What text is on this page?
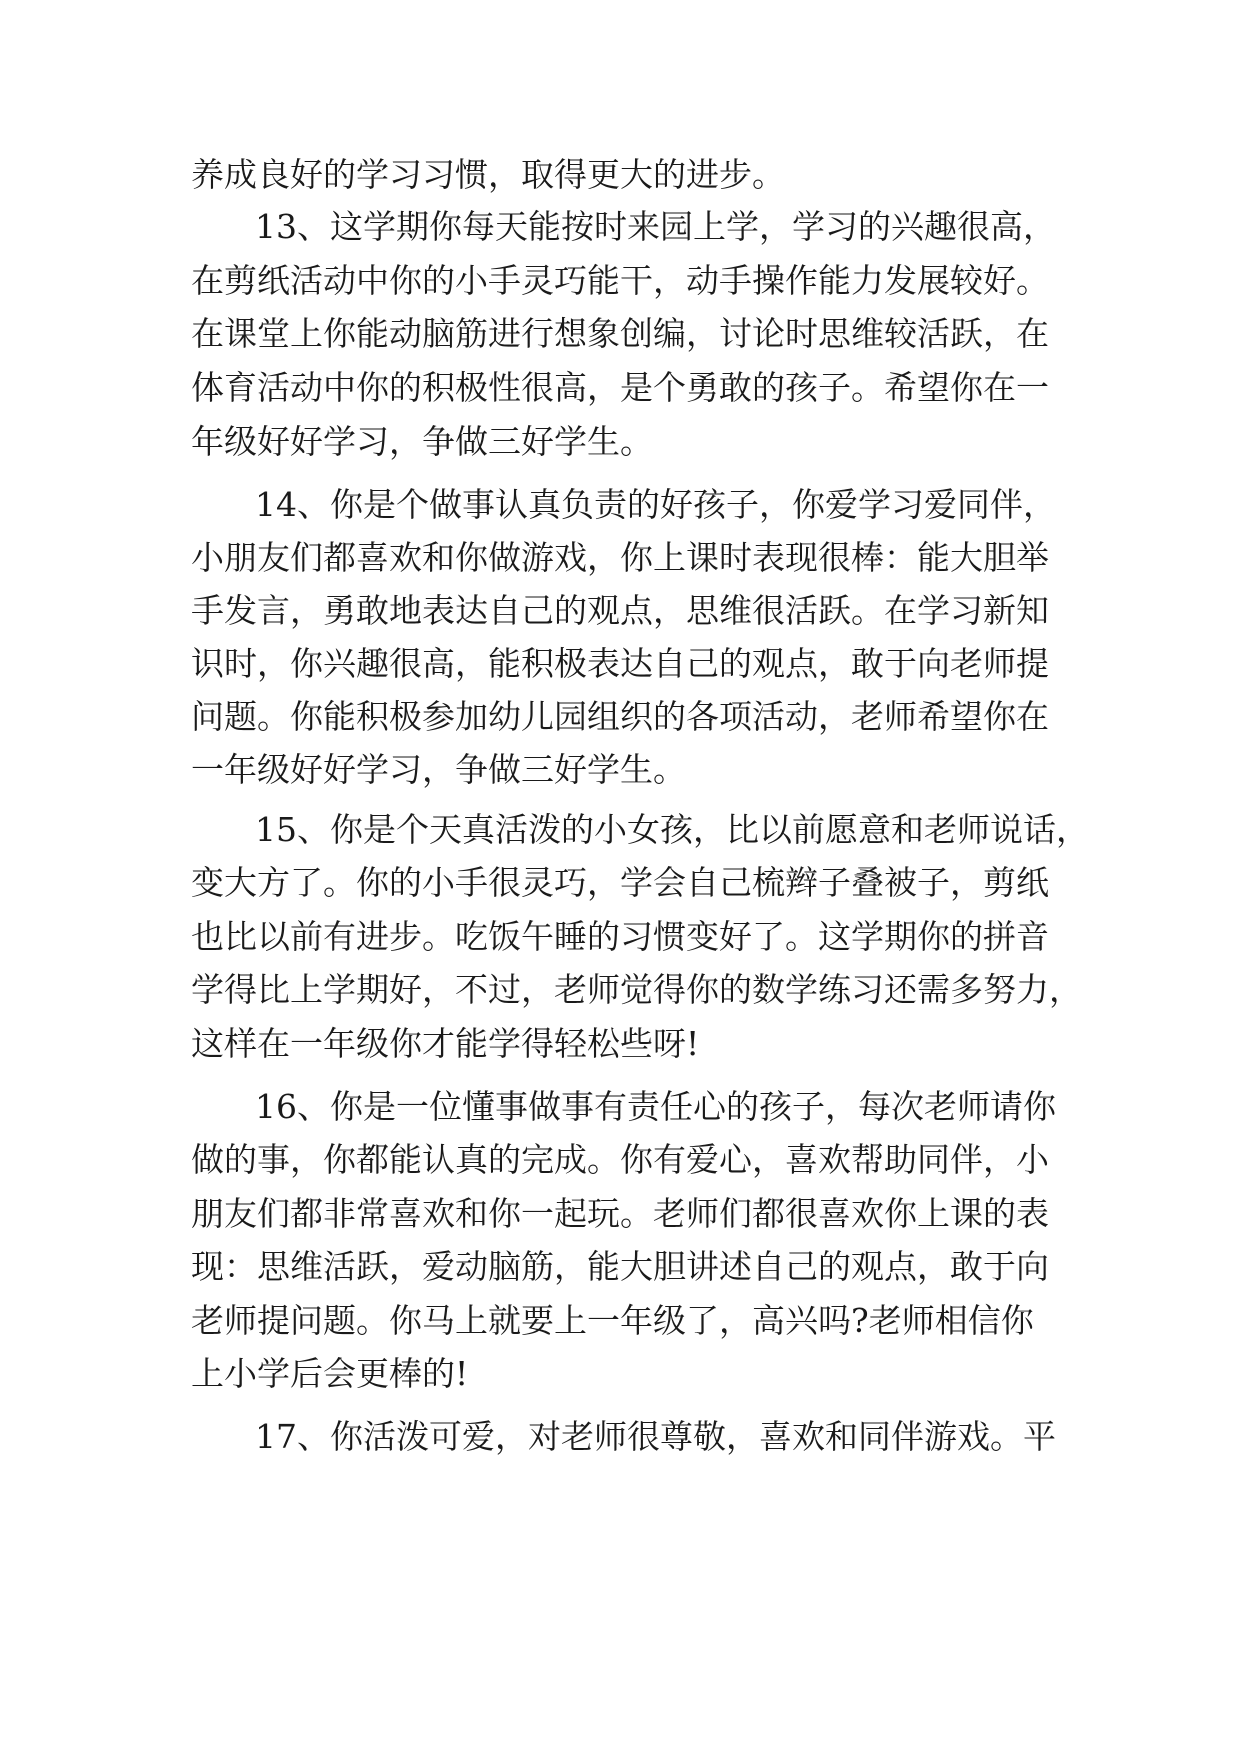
养成良好的学习习惯，取得更大的进步。
13、这学期你每天能按时来园上学，学习的兴趣很高，
在剪纸活动中你的小手灵巧能干，动手操作能力发展较好。
在课堂上你能动脑筋进行想象创编，讨论时思维较活跃，在
体育活动中你的积极性很高，是个勇敢的孩子。希望你在一
年级好好学习，争做三好学生。
14、你是个做事认真负责的好孩子，你爱学习爱同伴，
小朋友们都喜欢和你做游戏，你上课时表现很棒：能大胆举
手发言，勇敢地表达自己的观点，思维很活跃。在学习新知
识时，你兴趣很高，能积极表达自己的观点，敢于向老师提
问题。你能积极参加幼儿园组织的各项活动，老师希望你在
一年级好好学习，争做三好学生。
15、你是个天真活泼的小女孩，比以前愿意和老师说话，
变大方了。你的小手很灵巧，学会自己梳辫子叠被子，剪纸
也比以前有进步。吃饭午睡的习惯变好了。这学期你的拼音
学得比上学期好，不过，老师觉得你的数学练习还需多努力，
这样在一年级你才能学得轻松些呀!
16、你是一位懂事做事有责任心的孩子，每次老师请你
做的事，你都能认真的完成。你有爱心，喜欢帮助同伴，小
朋友们都非常喜欢和你一起玩。老师们都很喜欢你上课的表
现：思维活跃，爱动脑筋，能大胆讲述自己的观点，敢于向
老师提问题。你马上就要上一年级了，高兴吗?老师相信你
上小学后会更棒的!
17、你活泼可爱，对老师很尊敬，喜欢和同伴游戏。平
